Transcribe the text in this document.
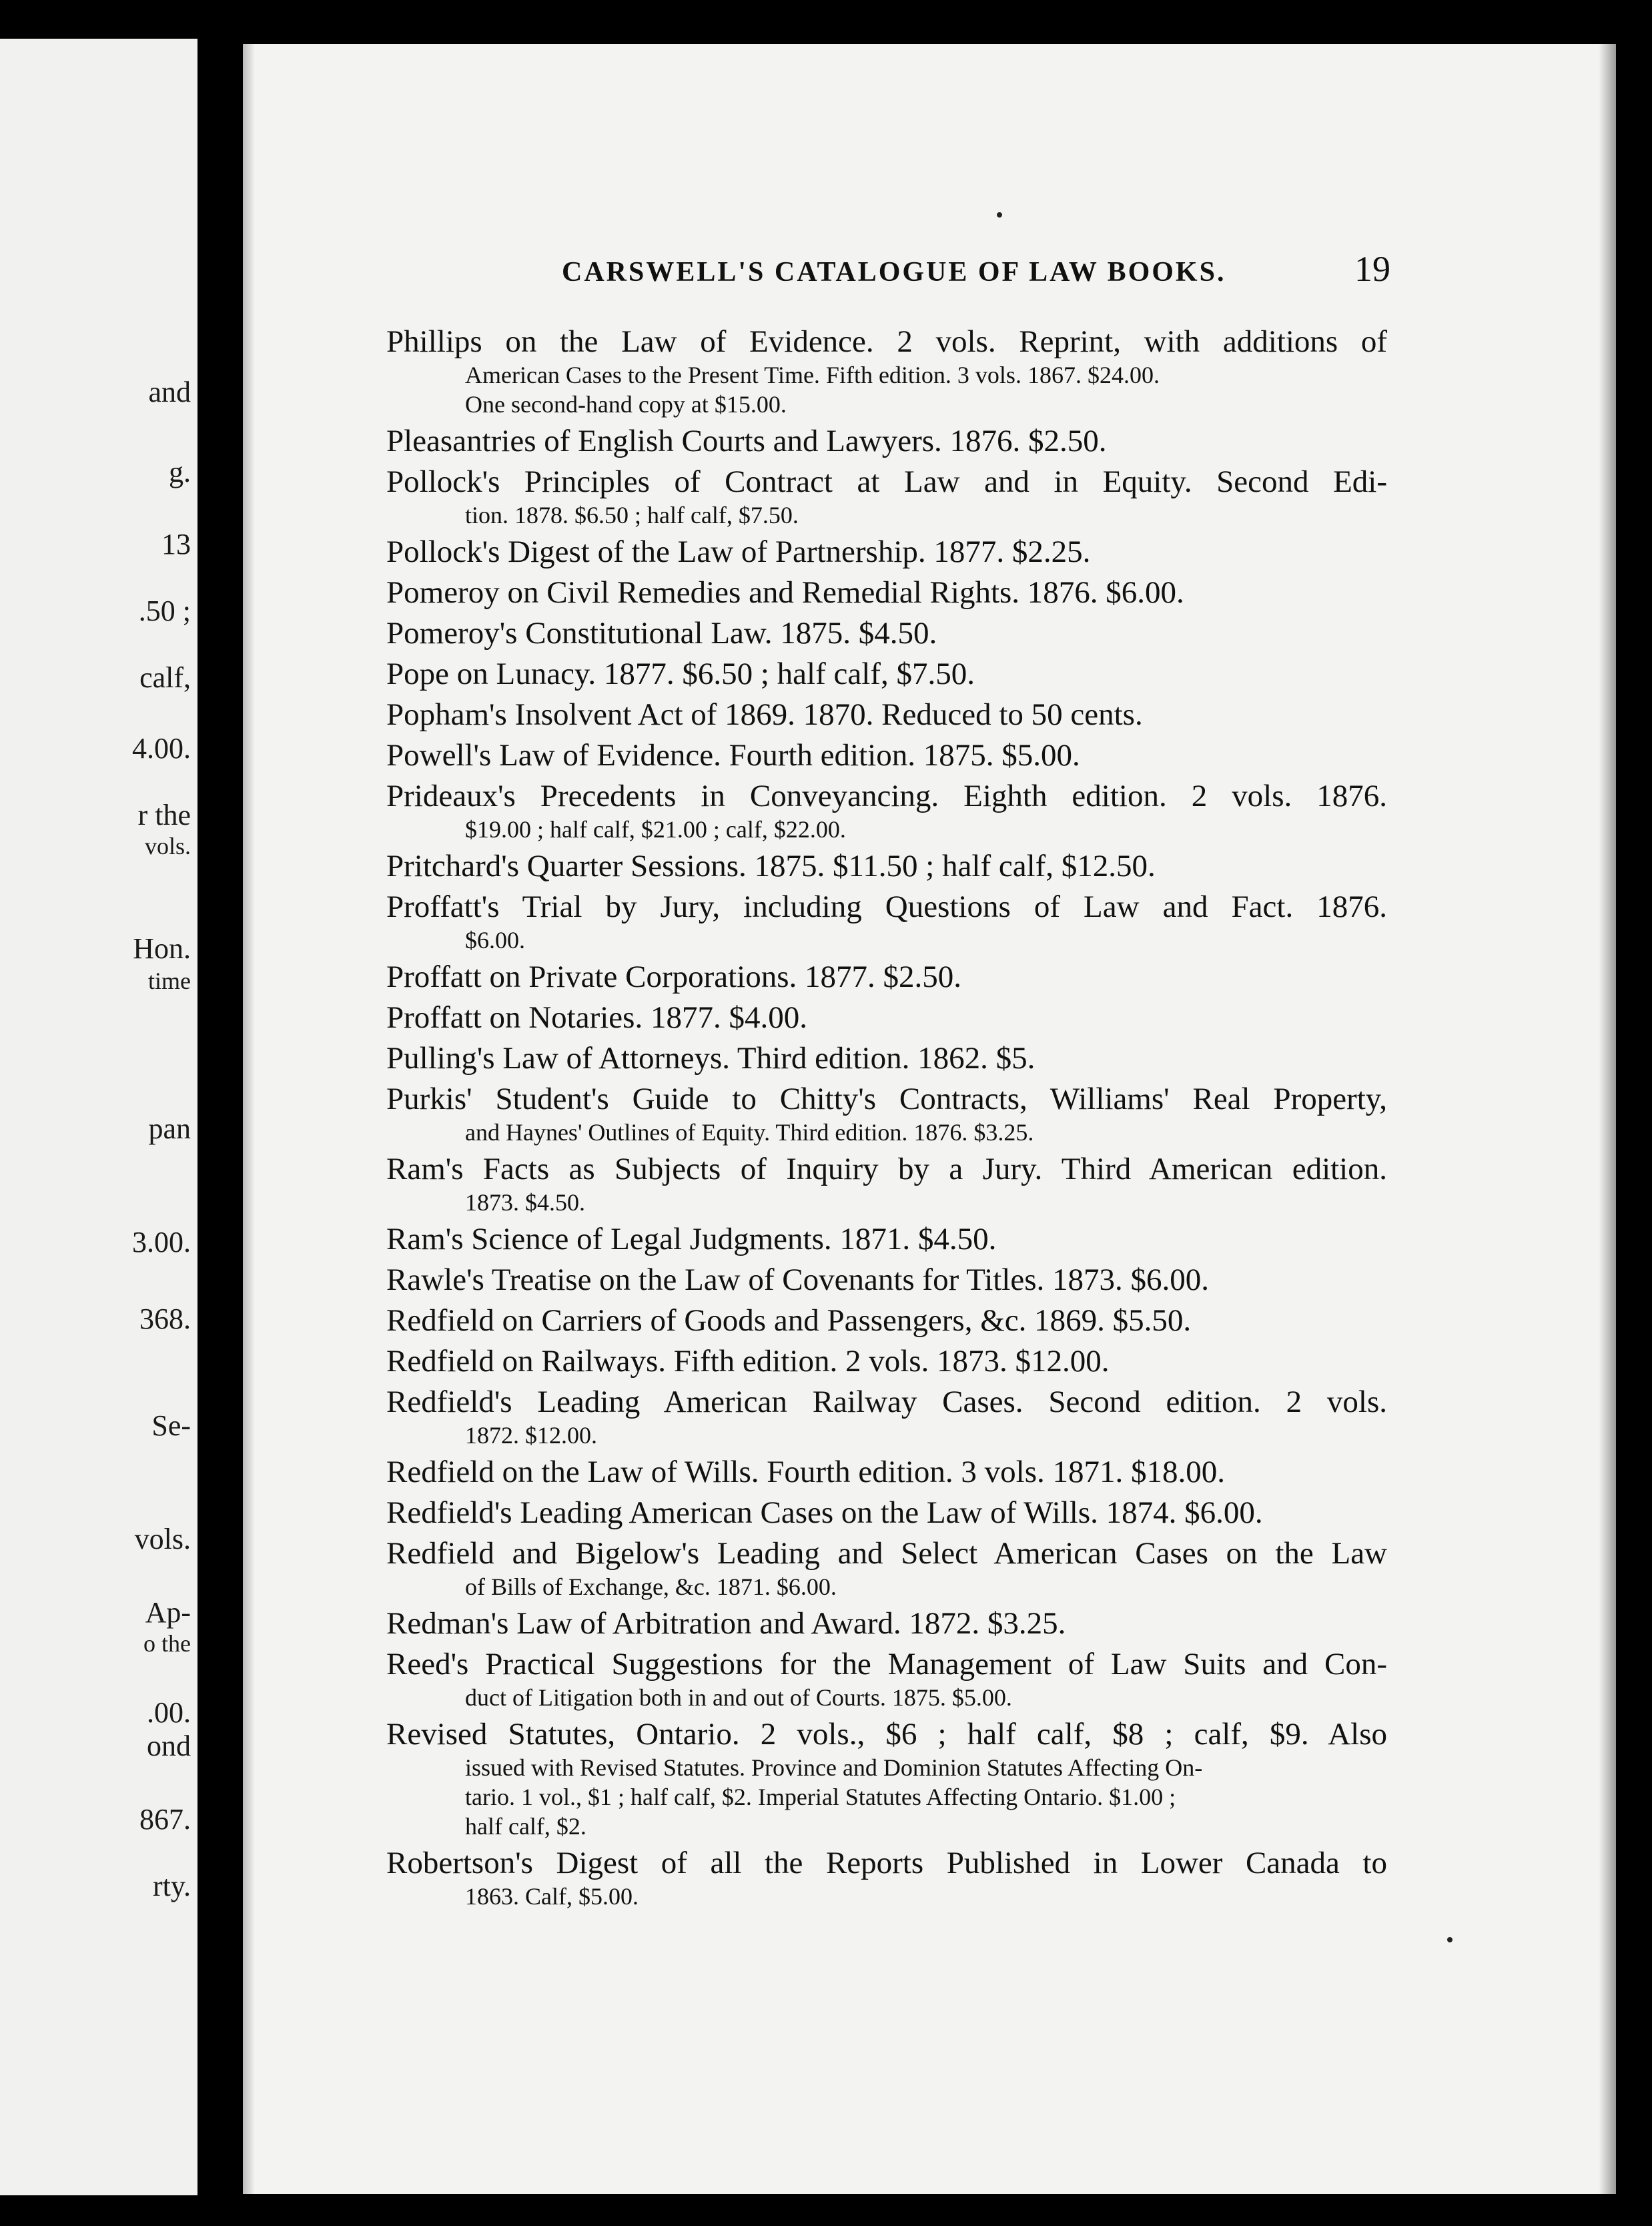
and
g.
13
.50 ;
calf,
4.00.
r the
vols.
Hon.
time
pan
3.00.
368.
Se-
vols.
Ap-
o the
.00.
ond
867.
rty.
CARSWELL'S CATALOGUE OF LAW BOOKS.	19
Phillips on the Law of Evidence. 2 vols. Reprint, with additions of
American Cases to the Present Time. Fifth edition. 3 vols. 1867. $24.00.
One second-hand copy at $15.00.
Pleasantries of English Courts and Lawyers. 1876. $2.50.
Pollock's Principles of Contract at Law and in Equity. Second Edi-
tion. 1878. $6.50 ; half calf, $7.50.
Pollock's Digest of the Law of Partnership. 1877. $2.25.
Pomeroy on Civil Remedies and Remedial Rights. 1876. $6.00.
Pomeroy's Constitutional Law. 1875. $4.50.
Pope on Lunacy. 1877. $6.50 ; half calf, $7.50.
Popham's Insolvent Act of 1869. 1870. Reduced to 50 cents.
Powell's Law of Evidence. Fourth edition. 1875. $5.00.
Prideaux's Precedents in Conveyancing. Eighth edition. 2 vols. 1876.
$19.00 ; half calf, $21.00 ; calf, $22.00.
Pritchard's Quarter Sessions. 1875. $11.50 ; half calf, $12.50.
Proffatt's Trial by Jury, including Questions of Law and Fact. 1876.
$6.00.
Proffatt on Private Corporations. 1877. $2.50.
Proffatt on Notaries. 1877. $4.00.
Pulling's Law of Attorneys. Third edition. 1862. $5.
Purkis' Student's Guide to Chitty's Contracts, Williams' Real Property,
and Haynes' Outlines of Equity. Third edition. 1876. $3.25.
Ram's Facts as Subjects of Inquiry by a Jury. Third American edition.
1873. $4.50.
Ram's Science of Legal Judgments. 1871. $4.50.
Rawle's Treatise on the Law of Covenants for Titles. 1873. $6.00.
Redfield on Carriers of Goods and Passengers, &c. 1869. $5.50.
Redfield on Railways. Fifth edition. 2 vols. 1873. $12.00.
Redfield's Leading American Railway Cases. Second edition. 2 vols.
1872. $12.00.
Redfield on the Law of Wills. Fourth edition. 3 vols. 1871. $18.00.
Redfield's Leading American Cases on the Law of Wills. 1874. $6.00.
Redfield and Bigelow's Leading and Select American Cases on the Law
of Bills of Exchange, &c. 1871. $6.00.
Redman's Law of Arbitration and Award. 1872. $3.25.
Reed's Practical Suggestions for the Management of Law Suits and Con-
duct of Litigation both in and out of Courts. 1875. $5.00.
Revised Statutes, Ontario. 2 vols., $6 ; half calf, $8 ; calf, $9. Also
issued with Revised Statutes. Province and Dominion Statutes Affecting On-
tario. 1 vol., $1 ; half calf, $2. Imperial Statutes Affecting Ontario. $1.00 ;
half calf, $2.
Robertson's Digest of all the Reports Published in Lower Canada to
1863. Calf, $5.00.
